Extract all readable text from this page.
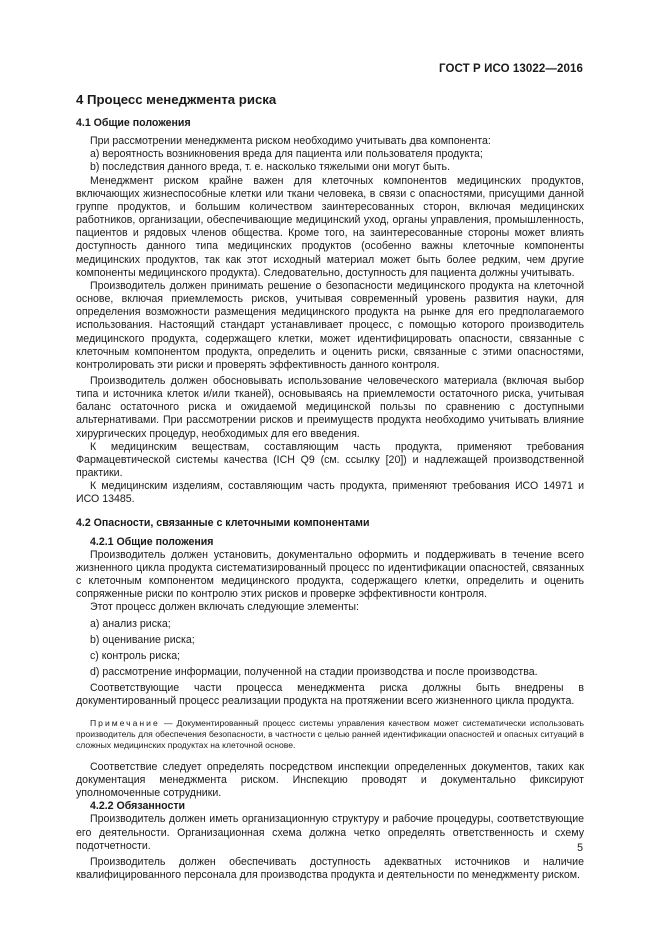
ГОСТ Р ИСО 13022—2016
4 Процесс менеджмента риска
4.1 Общие положения

При рассмотрении менеджмента риском необходимо учитывать два компонента:

а) вероятность возникновения вреда для пациента или пользователя продукта;

b) последствия данного вреда, т. е. насколько тяжелыми они могут быть.

Менеджмент риском крайне важен для клеточных компонентов медицинских продуктов, включающих жизнеспособные клетки или ткани человека, в связи с опасностями, присущими данной группе продуктов, и большим количеством заинтересованных сторон, включая медицинских работников, организации, обеспечивающие медицинский уход, органы управления, промышленность, пациентов и рядовых членов общества. Кроме того, на заинтересованные стороны может влиять доступность данного типа медицинских продуктов (особенно важны клеточные компоненты медицинских продуктов, так как этот исходный материал может быть более редким, чем другие компоненты медицинского продукта). Следовательно, доступность для пациента должны учитывать.

Производитель должен принимать решение о безопасности медицинского продукта на клеточной основе, включая приемлемость рисков, учитывая современный уровень развития науки, для определения возможности размещения медицинского продукта на рынке для его предполагаемого использования. Настоящий стандарт устанавливает процесс, с помощью которого производитель медицинского продукта, содержащего клетки, может идентифицировать опасности, связанные с клеточным компонентом продукта, определить и оценить риски, связанные с этими опасностями, контролировать эти риски и проверять эффективность данного контроля.

Производитель должен обосновывать использование человеческого материала (включая выбор типа и источника клеток и/или тканей), основываясь на приемлемости остаточного риска, учитывая баланс остаточного риска и ожидаемой медицинской пользы по сравнению с доступными альтернативами. При рассмотрении рисков и преимуществ продукта необходимо учитывать влияние хирургических процедур, необходимых для его введения.

К медицинским веществам, составляющим часть продукта, применяют требования Фармацевтической системы качества (ICH Q9 (см. ссылку [20]) и надлежащей производственной практики.

К медицинским изделиям, составляющим часть продукта, применяют требования ИСО 14971 и ИСО 13485.

4.2 Опасности, связанные с клеточными компонентами
4.2.1 Общие положения

Производитель должен установить, документально оформить и поддерживать в течение всего жизненного цикла продукта систематизированный процесс по идентификации опасностей, связанных с клеточным компонентом медицинского продукта, содержащего клетки, определить и оценить сопряженные риски по контролю этих рисков и проверке эффективности контроля.

Этот процесс должен включать следующие элементы:

a) анализ риска;

b) оценивание риска;

c) контроль риска;

d) рассмотрение информации, полученной на стадии производства и после производства.

Соответствующие части процесса менеджмента риска должны быть внедрены в документированный процесс реализации продукта на протяжении всего жизненного цикла продукта.

Примечание — Документированный процесс системы управления качеством может систематически использовать производитель для обеспечения безопасности, в частности с целью ранней идентификации опасностей и опасных ситуаций в сложных медицинских продуктах на клеточной основе.

Соответствие следует определять посредством инспекции определенных документов, таких как документация менеджмента риском. Инспекцию проводят и документально фиксируют уполномоченные сотрудники.

4.2.2 Обязанности

Производитель должен иметь организационную структуру и рабочие процедуры, соответствующие его деятельности. Организационная схема должна четко определять ответственность и схему подотчетности.

Производитель должен обеспечивать доступность адекватных источников и наличие квалифицированного персонала для производства продукта и деятельности по менеджменту риском.

5
